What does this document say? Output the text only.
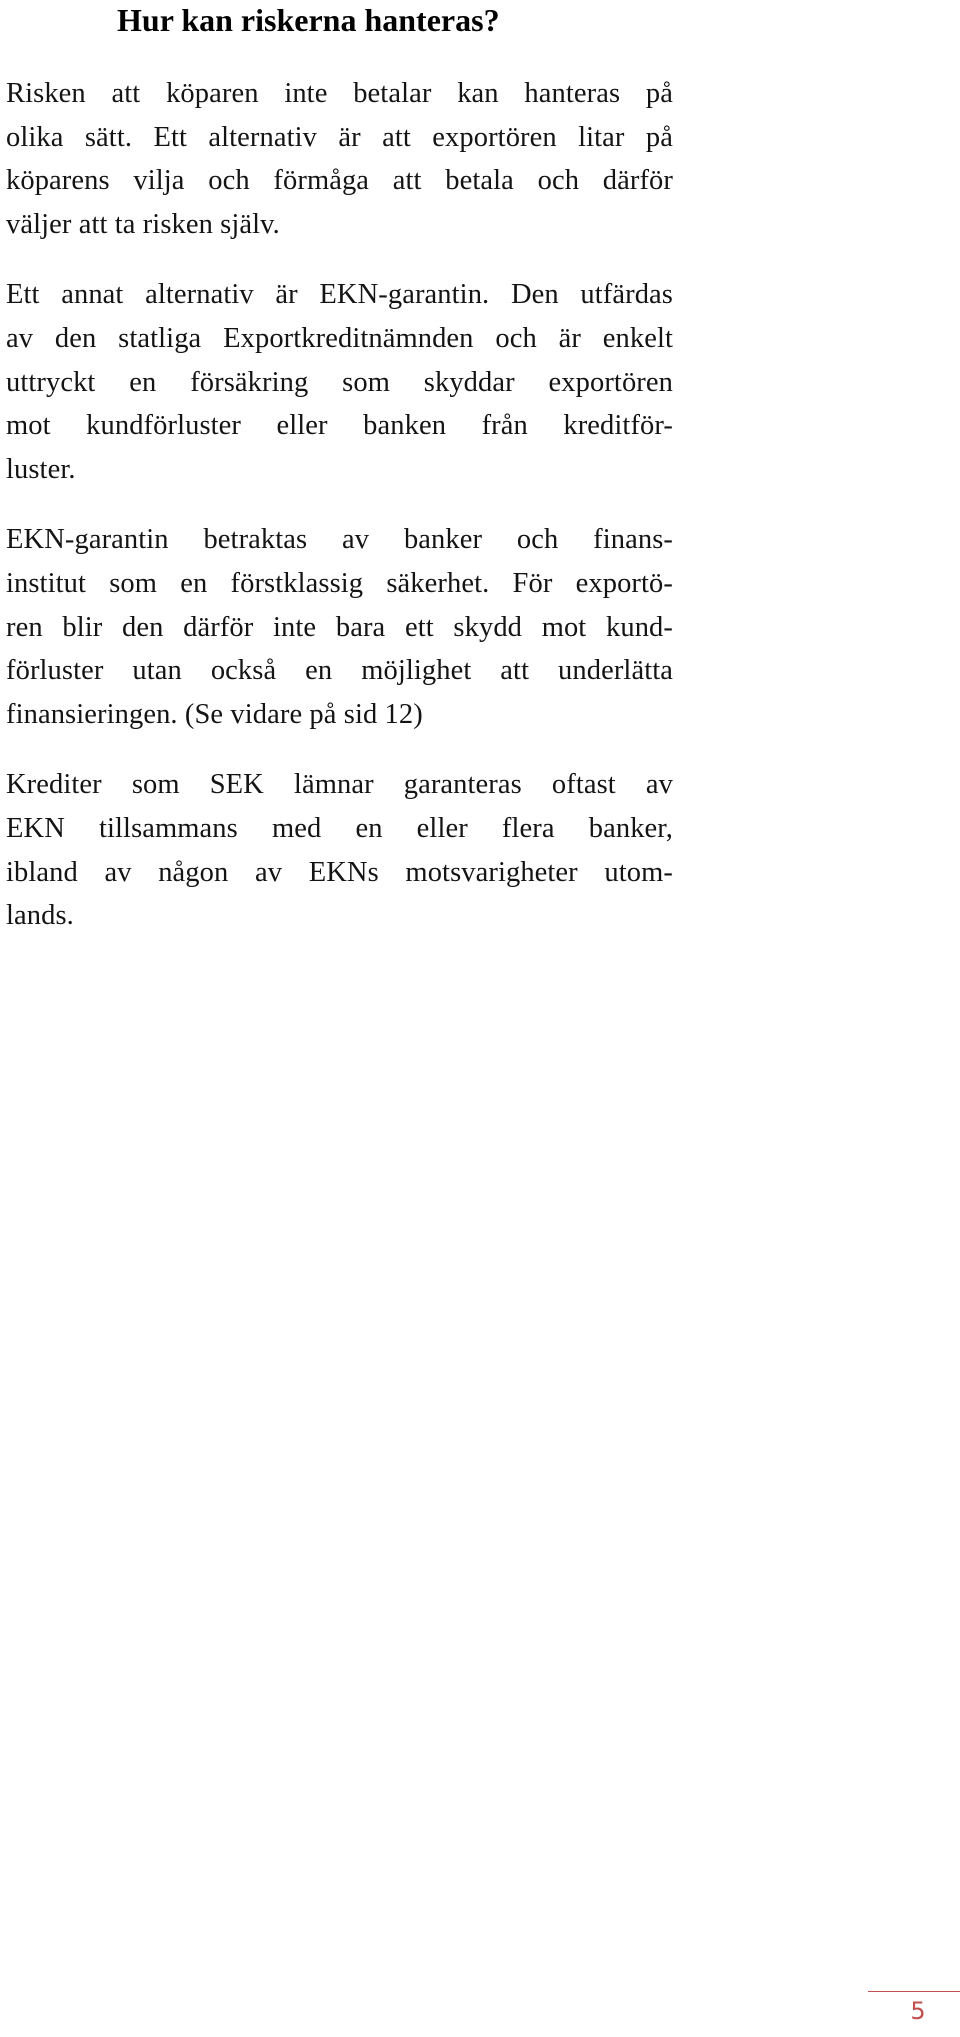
Hur kan riskerna hanteras?

Risken att köparen inte betalar kan hanteras på
olika sätt. Ett alternativ är att exportören litar på
köparens vilja och förmåga att betala och därför
väljer att ta risken själv.

Ett annat alternativ är EKN-garantin. Den utfärdas
av den statliga Exportkreditnämnden och är enkelt
uttryckt en försäkring som skyddar exportören
mot kundförluster eller banken från kreditför-
luster.

EKN-garantin betraktas av banker och finans-
institut som en förstklassig säkerhet. För exportö-
ren blir den därför inte bara ett skydd mot kund-
förluster utan också en möjlighet att underlätta
finansieringen. (Se vidare på sid 12)

Krediter som SEK lämnar garanteras oftast av
EKN tillsammans med en eller flera banker,
ibland av någon av EKNs motsvarigheter utom-
lands.

5
